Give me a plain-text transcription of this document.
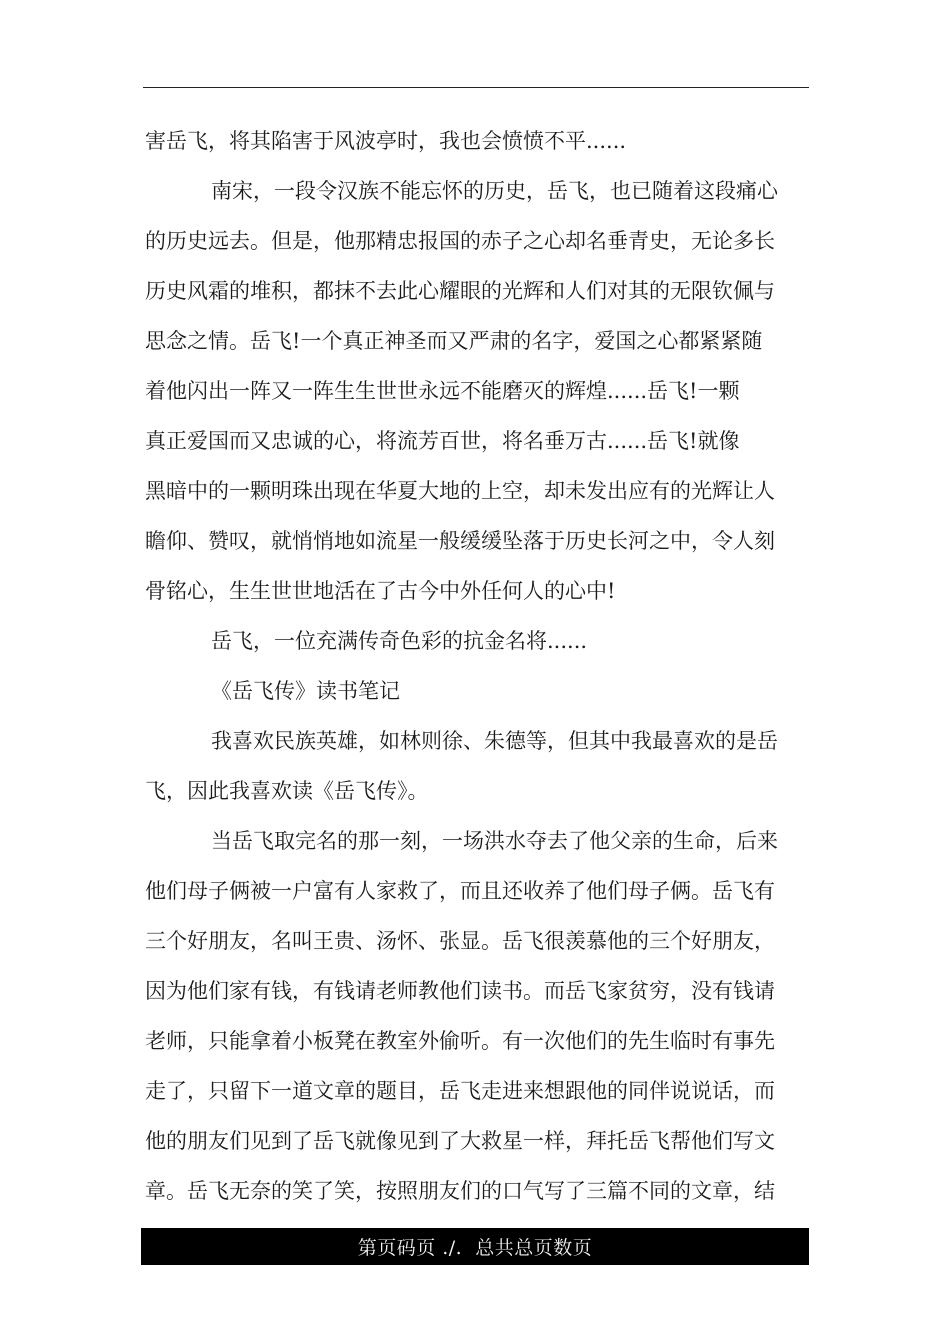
害岳飞，将其陷害于风波亭时，我也会愤愤不平......
南宋，一段令汉族不能忘怀的历史，岳飞，也已随着这段痛心
的历史远去。但是，他那精忠报国的赤子之心却名垂青史，无论多长
历史风霜的堆积，都抹不去此心耀眼的光辉和人们对其的无限钦佩与
思念之情。岳飞!一个真正神圣而又严肃的名字，爱国之心都紧紧随
着他闪出一阵又一阵生生世世永远不能磨灭的辉煌......岳飞!一颗
真正爱国而又忠诚的心，将流芳百世，将名垂万古......岳飞!就像
黑暗中的一颗明珠出现在华夏大地的上空，却未发出应有的光辉让人
瞻仰、赞叹，就悄悄地如流星一般缓缓坠落于历史长河之中，令人刻
骨铭心，生生世世地活在了古今中外任何人的心中!
岳飞，一位充满传奇色彩的抗金名将......
《岳飞传》读书笔记
我喜欢民族英雄，如林则徐、朱德等，但其中我最喜欢的是岳
飞，因此我喜欢读《岳飞传》。
当岳飞取完名的那一刻，一场洪水夺去了他父亲的生命，后来
他们母子俩被一户富有人家救了，而且还收养了他们母子俩。岳飞有
三个好朋友，名叫王贵、汤怀、张显。岳飞很羡慕他的三个好朋友，
因为他们家有钱，有钱请老师教他们读书。而岳飞家贫穷，没有钱请
老师，只能拿着小板凳在教室外偷听。有一次他们的先生临时有事先
走了，只留下一道文章的题目，岳飞走进来想跟他的同伴说说话，而
他的朋友们见到了岳飞就像见到了大救星一样，拜托岳飞帮他们写文
章。岳飞无奈的笑了笑，按照朋友们的口气写了三篇不同的文章，结
第页码页 ./.  总共总页数页
